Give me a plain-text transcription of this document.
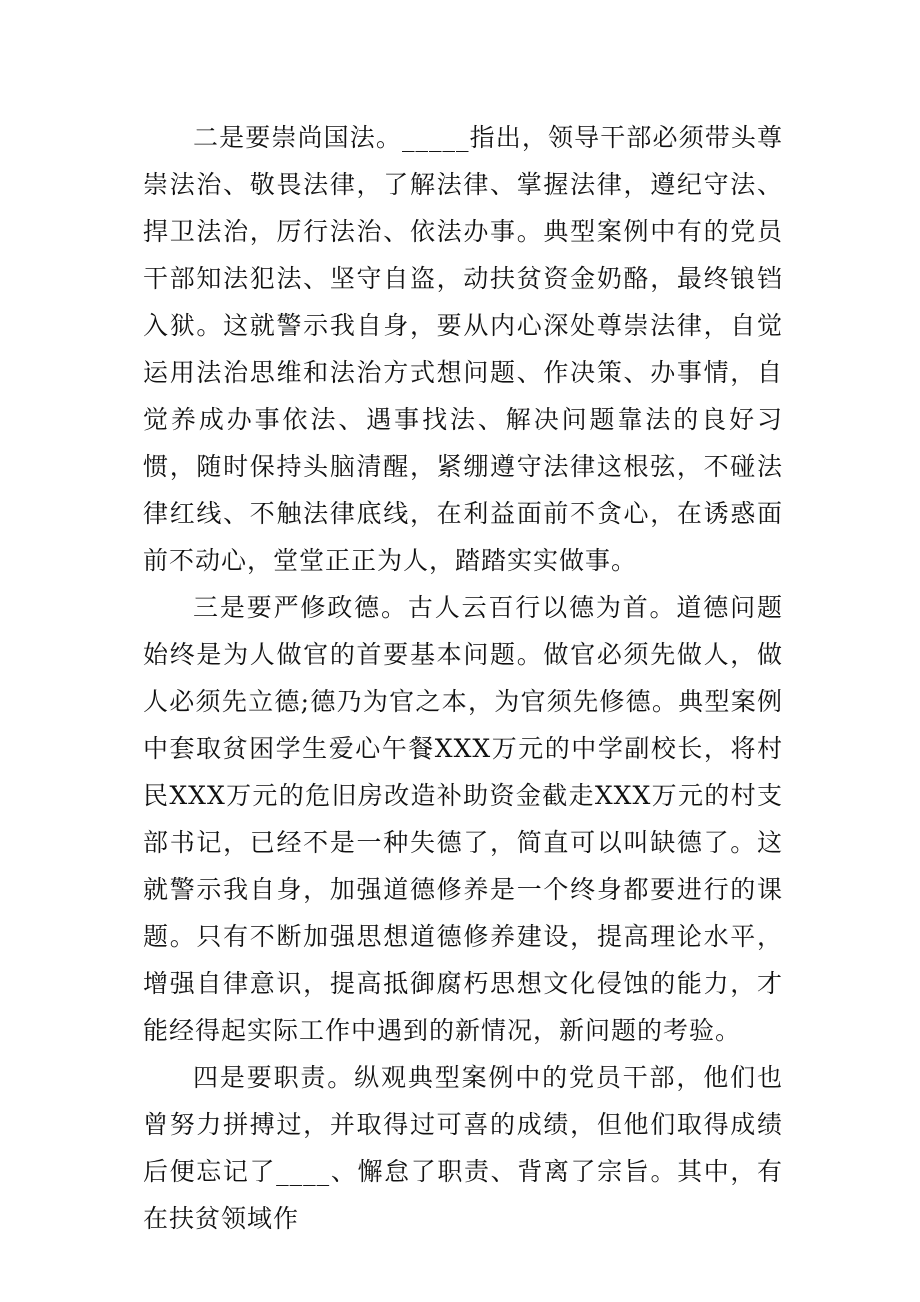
二是要崇尚国法。_____指出，领导干部必须带头尊崇法治、敬畏法律，了解法律、掌握法律，遵纪守法、捍卫法治，厉行法治、依法办事。典型案例中有的党员干部知法犯法、坚守自盗，动扶贫资金奶酪，最终锒铛入狱。这就警示我自身，要从内心深处尊崇法律，自觉运用法治思维和法治方式想问题、作决策、办事情，自觉养成办事依法、遇事找法、解决问题靠法的良好习惯，随时保持头脑清醒，紧绷遵守法律这根弦，不碰法律红线、不触法律底线，在利益面前不贪心，在诱惑面前不动心，堂堂正正为人，踏踏实实做事。

三是要严修政德。古人云百行以德为首。道德问题始终是为人做官的首要基本问题。做官必须先做人，做人必须先立德;德乃为官之本，为官须先修德。典型案例中套取贫困学生爱心午餐XXX万元的中学副校长，将村民XXX万元的危旧房改造补助资金截走XXX万元的村支部书记，已经不是一种失德了，简直可以叫缺德了。这就警示我自身，加强道德修养是一个终身都要进行的课题。只有不断加强思想道德修养建设，提高理论水平，增强自律意识，提高抵御腐朽思想文化侵蚀的能力，才能经得起实际工作中遇到的新情况，新问题的考验。

四是要职责。纵观典型案例中的党员干部，他们也曾努力拼搏过，并取得过可喜的成绩，但他们取得成绩后便忘记了____、懈怠了职责、背离了宗旨。其中，有在扶贫领域作
